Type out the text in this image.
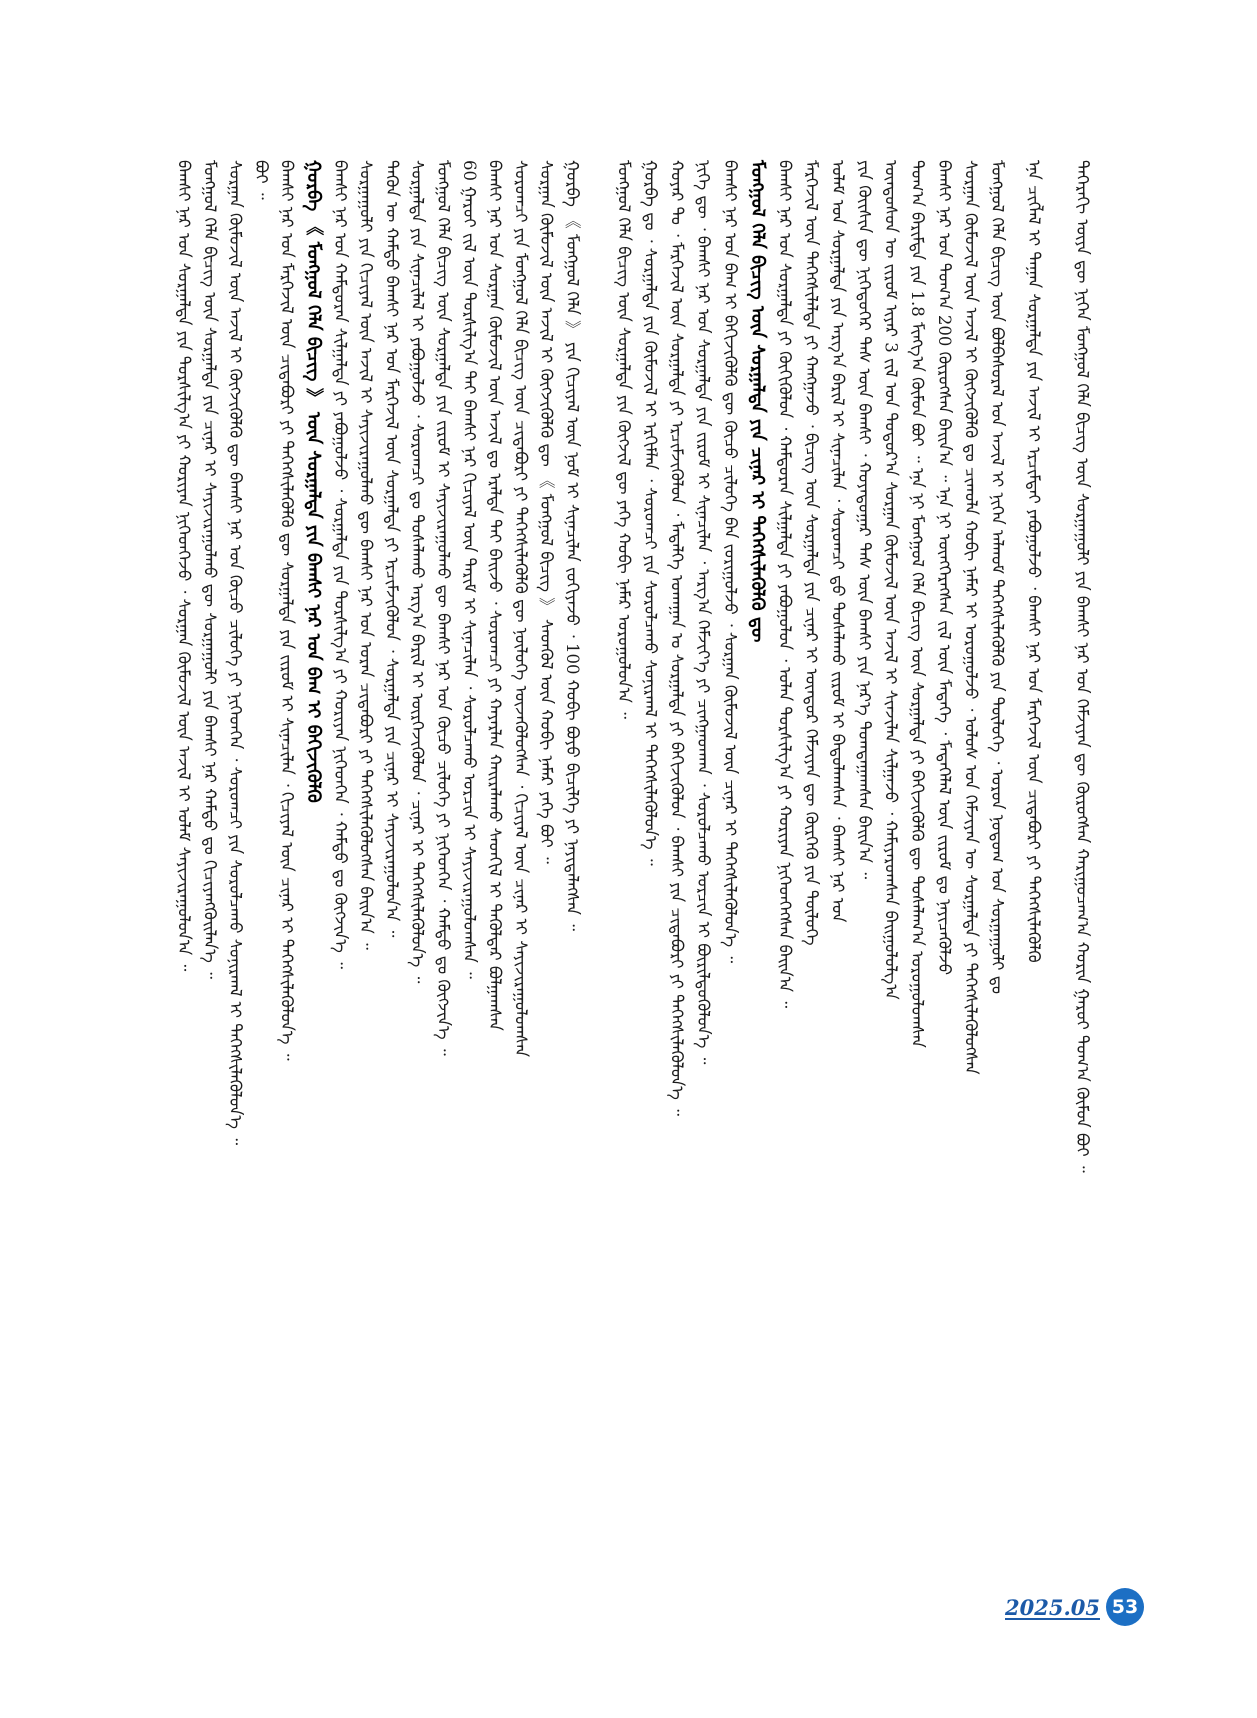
ᠳᠡᠭᠡᠷᠡᠬᠢ ᠦᠶᠡ ᠳᠦ ᠨᠢᠭᠡᠨ ᠮᠣᠩᠭᠣᠯ ᠬᠡᠯᠡ ᠪᠢᠴᠢᠭ ᠦᠨ ᠰᠤᠷᠭᠠᠭᠤᠯᠢ ᠶᠢᠨ ᠪᠠᠭᠰᠢ ᠨᠠᠷ ᠤᠨ ᠬᠡᠮᠵᠢᠶᠡᠨ ᠳᠦ ᠬᠦᠷᠦᠭᠰᠡᠨ ᠬᠠᠷᠢᠭᠤᠴᠠᠭ᠎ᠠ ᠬᠣᠷᠢᠨ ᠭᠠᠷᠤᠢ ᠲᠣᠭ᠎ᠠ ᠬᠦᠮᠦᠨ ᠪᠤᠢ ᠃
ᠡᠨᠡ ᠴᠢᠭᠯᠡᠯ ᠢ ᠳᠠᠭᠠᠨ ᠰᠤᠷᠭᠠᠯᠲᠠ ᠶᠢᠨ ᠠᠵᠢᠯ ᠢ ᠡᠷᠴᠢᠮᠲᠡᠶ ᠶᠠᠪᠤᠭᠤᠯᠵᠤ ᠂ ᠪᠠᠭᠰᠢ ᠨᠠᠷ ᠤᠨ ᠮᠡᠷᠭᠡᠵᠢᠯ ᠦᠨ ᠴᠢᠳᠠᠪᠤᠷᠢ ᠶᠢ ᠳᠡᠭᠡᠭᠰᠢᠯᠡᠭᠦᠯᠬᠦ
ᠮᠣᠩᠭᠣᠯ ᠬᠡᠯᠡ ᠪᠢᠴᠢᠭ ᠦᠨ ᠪᠣᠯᠪᠠᠰᠤᠷᠠᠯ ᠤᠨ ᠠᠵᠢᠯ ᠢ ᠨᠢᠭᠡᠨ ᠠᠯᠬᠤᠮ ᠳᠡᠭᠡᠭᠰᠢᠯᠡᠭᠦᠯᠬᠦ ᠶᠢᠨ ᠲᠥᠯᠥᠭᠡ ᠂ ᠣᠷᠣᠨ ᠨᠤᠲᠤᠭ ᠤᠨ ᠰᠤᠷᠭᠠᠭᠤᠯᠢ ᠳᠤ
ᠰᠤᠷᠭᠠᠨ ᠬᠦᠮᠦᠵᠢᠯ ᠦᠨ ᠠᠵᠢᠯ ᠢ ᠬᠥᠭᠵᠢᠭᠦᠯᠬᠦ ᠳᠤ ᠴᠢᠬᠤᠯᠠ ᠬᠤᠪᠢ ᠨᠡᠮᠡᠷ ᠢ ᠣᠷᠣᠭᠤᠯᠵᠤ ᠂ ᠤᠯᠤᠰ ᠤᠨ ᠬᠡᠮᠵᠢᠶᠡᠨ ᠦ ᠰᠤᠷᠭᠠᠯᠲᠠ ᠶᠢ ᠳᠡᠭᠡᠭᠰᠢᠯᠡᠭᠦᠯᠦᠭᠰᠡᠨ
ᠪᠠᠭᠰᠢ ᠨᠠᠷ ᠤᠨ ᠲᠣᠭ᠎ᠠ 200 ᠬᠦᠷᠦᠭᠰᠡᠨ ᠪᠠᠢᠨ᠎ᠠ ᠃ ᠡᠨᠡ ᠨᠢ ᠥᠨᠭᠭᠡᠷᠡᠭᠰᠡᠨ ᠵᠢᠯ ᠦᠨ ᠮᠡᠳᠡᠭᠡ ᠂ ᠮᠡᠳᠡᠭᠡᠯᠡᠯ ᠦᠨ ᠵᠢᠷᠤᠮ ᠳᠤ ᠨᠡᠶᠢᠴᠡᠭᠦᠯᠵᠦ
ᠲᠣᠭ᠎ᠠ ᠪᠠᠷᠢᠮᠲᠠ ᠶᠢᠨ 1.8 ᠮᠢᠩᠭ᠎ᠠ ᠬᠦᠮᠦᠨ ᠪᠤᠢ ᠃ ᠡᠨᠡ ᠨᠢ ᠮᠣᠩᠭᠣᠯ ᠬᠡᠯᠡ ᠪᠢᠴᠢᠭ ᠦᠨ ᠰᠤᠷᠭᠠᠯᠲᠠ ᠶᠢ ᠪᠡᠬᠢᠵᠢᠭᠦᠯᠬᠦ ᠳᠦ ᠳᠤᠰᠠᠯᠠᠭ᠎ᠠ ᠣᠷᠣᠭᠤᠯᠤᠭᠰᠠᠨ
ᠦᠨᠳᠦᠰᠦᠨ ᠦ ᠵᠢᠷᠤᠮ ᠢᠶᠠᠷ 3 ᠵᠢᠯ ᠤᠨ ᠳᠤᠲᠤᠷ᠎ᠠ ᠰᠤᠷᠭᠠᠨ ᠬᠦᠮᠦᠵᠢᠯ ᠦᠨ ᠠᠵᠢᠯ ᠢ ᠰᠢᠨᠵᠢᠯᠡᠨ ᠰᠢᠯᠭᠠᠵᠤ ᠂ ᠬᠠᠮᠢᠶᠠᠷᠤᠭᠰᠠᠨ ᠪᠠᠢᠭᠤᠯᠤᠯᠭ᠎ᠠ
ᠶᠢᠨ ᠬᠦᠢᠰᠢᠨ ᠳᠦ ᠨᠢᠭᠡᠳᠦᠭᠡᠷ ᠳᠡᠰ ᠦᠨ ᠪᠠᠭᠰᠢ ᠂ ᠬᠣᠶᠠᠳᠤᠭᠠᠷ ᠳᠡᠰ ᠦᠨ ᠪᠠᠭᠰᠢ ᠶᠢᠨ ᠨᠡᠷ᠎ᠡ ᠲᠣᠭᠲᠠᠭᠠᠭᠰᠠᠨ ᠪᠠᠢᠨ᠎ᠠ ᠃
ᠤᠯᠠᠮ ᠤᠨ ᠰᠤᠷᠭᠠᠯᠲᠠ ᠶᠢᠨ ᠠᠷᠭ᠎ᠠ ᠪᠠᠷᠢᠯ ᠢ ᠰᠢᠨᠡᠴᠢᠯᠡᠨ ᠂ ᠰᠤᠷᠤᠭᠴᠢ ᠳ᠋ᠤ ᠲᠤᠰᠠᠯᠠᠬᠤ ᠵᠢᠷᠤᠮ ᠢ ᠪᠠᠲᠤᠯᠠᠭᠰᠠᠨ ᠂ ᠪᠠᠭᠰᠢ ᠨᠠᠷ ᠤᠨ
ᠮᠡᠷᠭᠡᠵᠢᠯ ᠦᠨ ᠳᠡᠭᠡᠭᠰᠢᠯᠡᠯᠲᠡ ᠶᠢ ᠬᠠᠩᠭᠠᠵᠤ ᠂ ᠪᠢᠴᠢᠭ ᠦᠨ ᠰᠤᠷᠭᠠᠯᠲᠠ ᠶᠢᠨ ᠴᠢᠨᠠᠷ ᠢ ᠥᠨᠳᠦᠷ ᠬᠡᠮᠵᠢᠶᠡᠨ ᠳᠦ ᠬᠦᠷᠭᠡᠬᠦ ᠶᠢᠨ ᠲᠥᠯᠥᠭᠡ
ᠪᠠᠭᠰᠢ ᠨᠠᠷ ᠤᠨ ᠰᠤᠷᠭᠠᠯᠲᠠ ᠶᠢ ᠬᠥᠬᠢᠭᠦᠯᠦᠨ ᠂ ᠬᠠᠮᠲᠤᠷᠠᠨ ᠰᠢᠯᠭᠠᠯᠲᠠ ᠶᠢ ᠶᠠᠪᠤᠭᠤᠯᠤᠨ ᠂ ᠣᠯᠠᠨ ᠲᠤᠷᠰᠢᠯᠭ᠎ᠠ ᠶᠢ ᠬᠤᠷᠢᠶᠠᠨ ᠨᠢᠭᠡᠳᠬᠡᠭᠰᠡᠨ ᠪᠠᠢᠨ᠎ᠠ ᠃
ᠮᠣᠩᠭᠣᠯ ᠬᠡᠯᠡ ᠪᠢᠴᠢᠭ ᠦᠨ ᠰᠤᠷᠭᠠᠯᠲᠠ ᠶᠢᠨ ᠴᠢᠨᠠᠷ ᠢ ᠳᠡᠭᠡᠭᠰᠢᠯᠡᠭᠦᠯᠬᠦ ᠳᠦ
ᠪᠠᠭᠰᠢ ᠨᠠᠷ ᠤᠨ ᠪᠠᠭ ᠢ ᠪᠡᠬᠢᠵᠢᠭᠦᠯᠬᠦ ᠳᠦ ᠬᠦᠴᠦ ᠴᠢᠯᠦᠭᠡ ᠪᠡᠨ ᠵᠣᠷᠢᠭᠤᠯᠵᠤ ᠂ ᠰᠤᠷᠭᠠᠨ ᠬᠦᠮᠦᠵᠢᠯ ᠦᠨ ᠴᠢᠨᠠᠷ ᠢ ᠳᠡᠭᠡᠭᠰᠢᠯᠡᠭᠦᠯᠦᠨ᠎ᠡ ᠃
ᠨᠢᠭᠡ ᠳᠦ ᠂ ᠪᠠᠭᠰᠢ ᠨᠠᠷ ᠤᠨ ᠰᠤᠷᠭᠠᠯᠲᠠ ᠶᠢᠨ ᠵᠢᠷᠤᠮ ᠢ ᠰᠢᠨᠡᠴᠢᠯᠡᠨ ᠂ ᠠᠷᠭ᠎ᠠ ᠬᠡᠮᠵᠢᠶ᠎ᠡ ᠶᠢ ᠴᠢᠩᠭᠠᠳᠬᠠᠨ ᠂ ᠰᠤᠷᠤᠯᠴᠠᠬᠤ ᠣᠷᠴᠢᠨ ᠢ ᠪᠦᠷᠢᠯᠳᠦᠭᠦᠯᠦᠨ᠎ᠡ ᠃
ᠬᠣᠶᠠᠷ ᠲᠤ ᠂ ᠮᠡᠷᠭᠡᠵᠢᠯ ᠦᠨ ᠰᠤᠷᠭᠠᠯᠲᠠ ᠶᠢ ᠡᠷᠴᠢᠮᠵᠢᠭᠦᠯᠦᠨ ᠂ ᠮᠡᠳᠡᠯᠭᠡ ᠤᠬᠠᠭᠠᠨ ᠤ ᠰᠤᠷᠭᠠᠯᠲᠠ ᠶᠢ ᠪᠡᠬᠢᠵᠢᠭᠦᠯᠦᠨ ᠂ ᠪᠠᠭᠰᠢ ᠶᠢᠨ ᠴᠢᠳᠠᠪᠤᠷᠢ ᠶᠢ ᠳᠡᠭᠡᠭᠰᠢᠯᠡᠭᠦᠯᠦᠨ᠎ᠡ ᠃
ᠭᠤᠷᠪᠠ ᠳᠤ ᠂ ᠰᠤᠷᠭᠠᠯᠲᠠ ᠶᠢᠨ ᠬᠦᠮᠦᠵᠢᠯ ᠢ ᠡᠷᠬᠢᠮᠯᠡᠨ ᠂ ᠰᠤᠷᠤᠭᠴᠢ ᠶᠢᠨ ᠰᠤᠷᠤᠯᠴᠠᠬᠤ ᠰᠣᠨᠢᠷᠬᠠᠯ ᠢ ᠳᠡᠭᠡᠭᠰᠢᠯᠡᠭᠦᠯᠦᠨ᠎ᠡ ᠃
ᠮᠣᠩᠭᠣᠯ ᠬᠡᠯᠡ ᠪᠢᠴᠢᠭ ᠦᠨ ᠰᠤᠷᠭᠠᠯᠲᠠ ᠶᠢᠨ ᠬᠥᠭᠵᠢᠯ ᠳᠦ ᠶᠡᠬᠡ ᠬᠤᠪᠢ ᠨᠡᠮᠡᠷ ᠣᠷᠣᠭᠤᠯᠤᠨ᠎ᠠ ᠃
ᠭᠤᠷᠪᠠ 《 ᠮᠣᠩᠭᠣᠯ ᠬᠡᠯᠡ 》 ᠶᠢᠨ ᠬᠢᠴᠢᠶᠡᠯ ᠦᠨ ᠨᠣᠮ ᠢ ᠰᠢᠨᠡᠴᠢᠯᠡᠨ ᠵᠣᠬᠢᠶᠠᠵᠤ ᠂ 100 ᠬᠤᠪᠢ ᠪᠤᠶᠤ ᠪᠢᠴᠢᠯᠭᠡ ᠶᠢ ᠨᠡᠶᠢᠲᠡᠯᠡᠭᠰᠡᠨ ᠃
ᠰᠤᠷᠭᠠᠨ ᠬᠦᠮᠦᠵᠢᠯ ᠦᠨ ᠠᠵᠢᠯ ᠢ ᠬᠥᠭᠵᠢᠭᠦᠯᠬᠦ ᠳᠦ 《 ᠮᠣᠩᠭᠣᠯ ᠪᠢᠴᠢᠭ 》 ᠰᠡᠳᠭᠦᠯ ᠦᠨ ᠬᠤᠪᠢ ᠨᠡᠮᠡᠷ ᠶᠡᠬᠡ ᠪᠤᠢ ᠃
ᠰᠤᠷᠤᠭᠴᠢ ᠶᠢᠨ ᠮᠣᠩᠭᠣᠯ ᠬᠡᠯᠡ ᠪᠢᠴᠢᠭ ᠦᠨ ᠴᠢᠳᠠᠪᠤᠷᠢ ᠶᠢ ᠳᠡᠭᠡᠭᠰᠢᠯᠡᠭᠦᠯᠬᠦ ᠳᠦ ᠨᠥᠯᠥᠭᠡ ᠦᠵᠡᠭᠦᠯᠦᠭᠰᠡᠨ ᠂ ᠬᠢᠴᠢᠶᠡᠯ ᠦᠨ ᠴᠢᠨᠠᠷ ᠢ ᠰᠠᠶᠢᠵᠢᠷᠠᠭᠤᠯᠤᠭᠰᠠᠨ
ᠪᠠᠭᠰᠢ ᠨᠠᠷ ᠤᠨ ᠰᠤᠷᠭᠠᠨ ᠬᠦᠮᠦᠵᠢᠯ ᠦᠨ ᠠᠵᠢᠯ ᠳᠤ ᠡᠷᠡᠯᠲᠡ ᠲᠠᠢ ᠪᠠᠢᠵᠤ ᠂ ᠰᠤᠷᠤᠭᠴᠢ ᠶᠢ ᠬᠠᠶᠠᠷᠯᠠᠨ ᠬᠠᠢᠷᠠᠯᠠᠬᠤ ᠰᠡᠳᠬᠢᠯ ᠢ ᠲᠡᠭᠦᠯᠳᠡᠷ ᠪᠣᠯᠭᠠᠭᠰᠠᠨ
60 ᠭᠠᠷᠤᠢ ᠵᠢᠯ ᠦᠨ ᠲᠤᠷᠰᠢᠯᠭ᠎ᠠ ᠲᠠᠢ ᠪᠠᠭᠰᠢ ᠨᠠᠷ ᠬᠢᠴᠢᠶᠡᠯ ᠦᠨ ᠲᠠᠷᠢᠮ ᠢ ᠰᠢᠨᠡᠴᠢᠯᠡᠨ ᠂ ᠰᠤᠷᠤᠯᠴᠠᠬᠤ ᠣᠷᠴᠢᠨ ᠢ ᠰᠠᠶᠢᠵᠢᠷᠠᠭᠤᠯᠤᠭᠰᠠᠨ ᠃
ᠮᠣᠩᠭᠣᠯ ᠬᠡᠯᠡ ᠪᠢᠴᠢᠭ ᠦᠨ ᠰᠤᠷᠭᠠᠯᠲᠠ ᠶᠢᠨ ᠵᠢᠷᠤᠮ ᠢ ᠰᠠᠶᠢᠵᠢᠷᠠᠭᠤᠯᠬᠤ ᠳᠦ ᠪᠠᠭᠰᠢ ᠨᠠᠷ ᠤᠨ ᠬᠦᠴᠦ ᠴᠢᠯᠦᠭᠡ ᠶᠢ ᠨᠢᠭᠡᠳᠬᠡᠨ ᠂ ᠬᠠᠮᠲᠤ ᠳᠤ ᠬᠥᠭᠵᠢᠨ᠎ᠡ ᠃
ᠰᠤᠷᠭᠠᠯᠲᠠ ᠶᠢᠨ ᠰᠢᠨᠡᠴᠢᠯᠡᠯ ᠢ ᠶᠠᠪᠤᠭᠤᠯᠵᠤ ᠂ ᠰᠤᠷᠤᠭᠴᠢ ᠳᠤ ᠲᠤᠰᠠᠯᠠᠬᠤ ᠠᠷᠭ᠎ᠠ ᠪᠠᠷᠢᠯ ᠢ ᠥᠷᠭᠡᠵᠢᠭᠦᠯᠦᠨ ᠂ ᠴᠢᠨᠠᠷ ᠢ ᠳᠡᠭᠡᠭᠰᠢᠯᠡᠭᠦᠯᠦᠨ᠎ᠡ ᠃
ᠲᠡᠭᠦᠨ ᠦ ᠬᠠᠮᠲᠤ ᠪᠠᠭᠰᠢ ᠨᠠᠷ ᠤᠨ ᠮᠡᠷᠭᠡᠵᠢᠯ ᠦᠨ ᠰᠤᠷᠭᠠᠯᠲᠠ ᠶᠢ ᠡᠷᠴᠢᠮᠵᠢᠭᠦᠯᠦᠨ ᠂ ᠰᠤᠷᠭᠠᠯᠲᠠ ᠶᠢᠨ ᠴᠢᠨᠠᠷ ᠢ ᠰᠠᠶᠢᠵᠢᠷᠠᠭᠤᠯᠤᠨ᠎ᠠ ᠃
ᠰᠤᠷᠭᠠᠭᠤᠯᠢ ᠶᠢᠨ ᠬᠢᠴᠢᠶᠡᠯ ᠦᠨ ᠠᠵᠢᠯ ᠢ ᠰᠠᠶᠢᠵᠢᠷᠠᠭᠤᠯᠬᠤ ᠳᠦ ᠪᠠᠭᠰᠢ ᠨᠠᠷ ᠤᠨ ᠤᠷᠠᠨ ᠴᠢᠳᠠᠪᠤᠷᠢ ᠶᠢ ᠳᠡᠭᠡᠭᠰᠢᠯᠡᠭᠦᠯᠦᠭᠰᠡᠨ ᠪᠠᠢᠨ᠎ᠠ ᠃
ᠪᠠᠭᠰᠢ ᠨᠠᠷ ᠤᠨ ᠬᠠᠮᠲᠤᠷᠠᠨ ᠰᠢᠯᠭᠠᠯᠲᠠ ᠶᠢ ᠶᠠᠪᠤᠭᠤᠯᠵᠤ ᠂ ᠰᠤᠷᠭᠠᠯᠲᠠ ᠶᠢᠨ ᠲᠤᠷᠰᠢᠯᠭ᠎ᠠ ᠶᠢ ᠬᠤᠷᠢᠶᠠᠨ ᠨᠢᠭᠡᠳᠬᠡᠨ ᠂ ᠬᠠᠮᠲᠤ ᠳᠤ ᠬᠥᠭᠵᠢᠨ᠎ᠡ ᠃
ᠭᠤᠷᠪᠠ 《 ᠮᠣᠩᠭᠣᠯ ᠬᠡᠯᠡ ᠪᠢᠴᠢᠭ 》 ᠦᠨ ᠰᠤᠷᠭᠠᠯᠲᠠ ᠶᠢᠨ ᠪᠠᠭᠰᠢ ᠨᠠᠷ ᠤᠨ ᠪᠠᠭ ᠢ ᠪᠡᠬᠢᠵᠢᠭᠦᠯᠬᠦ
ᠪᠠᠭᠰᠢ ᠨᠠᠷ ᠤᠨ ᠮᠡᠷᠭᠡᠵᠢᠯ ᠦᠨ ᠴᠢᠳᠠᠪᠤᠷᠢ ᠶᠢ ᠳᠡᠭᠡᠭᠰᠢᠯᠡᠭᠦᠯᠬᠦ ᠳᠦ ᠰᠤᠷᠭᠠᠯᠲᠠ ᠶᠢᠨ ᠵᠢᠷᠤᠮ ᠢ ᠰᠢᠨᠡᠴᠢᠯᠡᠨ ᠂ ᠬᠢᠴᠢᠶᠡᠯ ᠦᠨ ᠴᠢᠨᠠᠷ ᠢ ᠳᠡᠭᠡᠭᠰᠢᠯᠡᠭᠦᠯᠦᠨ᠎ᠡ ᠃
ᠪᠤᠢ ᠃
ᠰᠤᠷᠭᠠᠨ ᠬᠦᠮᠦᠵᠢᠯ ᠦᠨ ᠠᠵᠢᠯ ᠢ ᠬᠥᠭᠵᠢᠭᠦᠯᠬᠦ ᠳᠦ ᠪᠠᠭᠰᠢ ᠨᠠᠷ ᠤᠨ ᠬᠦᠴᠦ ᠴᠢᠯᠦᠭᠡ ᠶᠢ ᠨᠢᠭᠡᠳᠬᠡᠨ ᠂ ᠰᠤᠷᠤᠭᠴᠢ ᠶᠢᠨ ᠰᠤᠷᠤᠯᠴᠠᠬᠤ ᠰᠣᠨᠢᠷᠬᠠᠯ ᠢ ᠳᠡᠭᠡᠭᠰᠢᠯᠡᠭᠦᠯᠦᠨ᠎ᠡ ᠃
ᠮᠣᠩᠭᠣᠯ ᠬᠡᠯᠡ ᠪᠢᠴᠢᠭ ᠦᠨ ᠰᠤᠷᠭᠠᠯᠲᠠ ᠶᠢᠨ ᠴᠢᠨᠠᠷ ᠢ ᠰᠠᠶᠢᠵᠢᠷᠠᠭᠤᠯᠬᠤ ᠳᠦ ᠰᠤᠷᠭᠠᠭᠤᠯᠢ ᠶᠢᠨ ᠪᠠᠭᠰᠢ ᠨᠠᠷ ᠬᠠᠮᠲᠤ ᠳᠤ ᠬᠢᠴᠢᠶᠡᠩᠭᠦᠢᠯᠡᠨ᠎ᠡ ᠃
ᠪᠠᠭᠰᠢ ᠨᠠᠷ ᠤᠨ ᠰᠤᠷᠭᠠᠯᠲᠠ ᠶᠢᠨ ᠲᠤᠷᠰᠢᠯᠭ᠎ᠠ ᠶᠢ ᠬᠤᠷᠢᠶᠠᠨ ᠨᠢᠭᠡᠳᠬᠡᠵᠦ ᠂ ᠰᠤᠷᠭᠠᠨ ᠬᠦᠮᠦᠵᠢᠯ ᠦᠨ ᠠᠵᠢᠯ ᠢ ᠤᠯᠠᠮ ᠰᠠᠶᠢᠵᠢᠷᠠᠭᠤᠯᠤᠨ᠎ᠠ ᠃
2025.05 53
